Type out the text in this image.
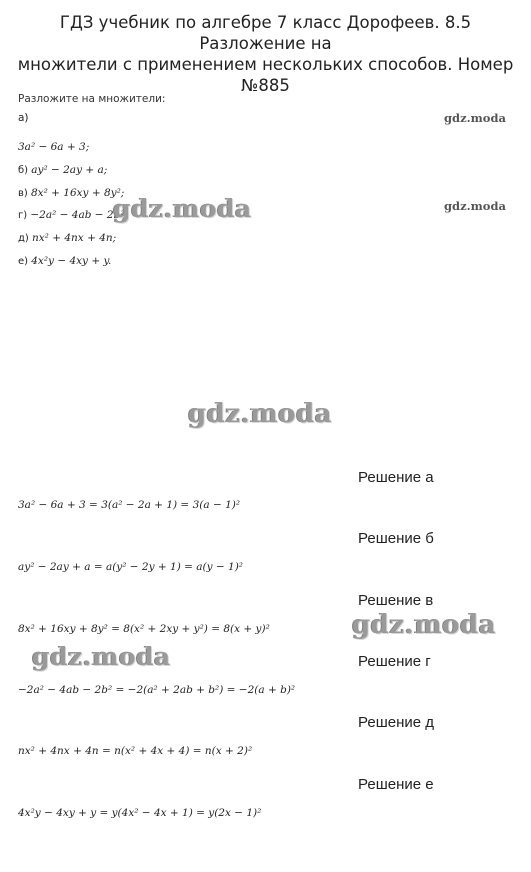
ГДЗ учебник по алгебре 7 класс Дорофеев. 8.5 Разложение на
множители с применением нескольких способов. Номер
№885
Разложите на множители:
а)
3a² − 6a + 3;
б) ay² − 2ay + a;
в) 8x² + 16xy + 8y²;
г) −2a² − 4ab − 2b²;
д) nx² + 4nx + 4n;
е) 4x²y − 4xy + y.
gdz.moda
gdz.moda
gdz.moda
gdz.moda
gdz.moda
gdz.moda
Решение а
3a² − 6a + 3 = 3(a² − 2a + 1) = 3(a − 1)²
Решение б
ay² − 2ay + a = a(y² − 2y + 1) = a(y − 1)²
Решение в
8x² + 16xy + 8y² = 8(x² + 2xy + y²) = 8(x + y)²
Решение г
−2a² − 4ab − 2b² = −2(a² + 2ab + b²) = −2(a + b)²
Решение д
nx² + 4nx + 4n = n(x² + 4x + 4) = n(x + 2)²
Решение е
4x²y − 4xy + y = y(4x² − 4x + 1) = y(2x − 1)²
